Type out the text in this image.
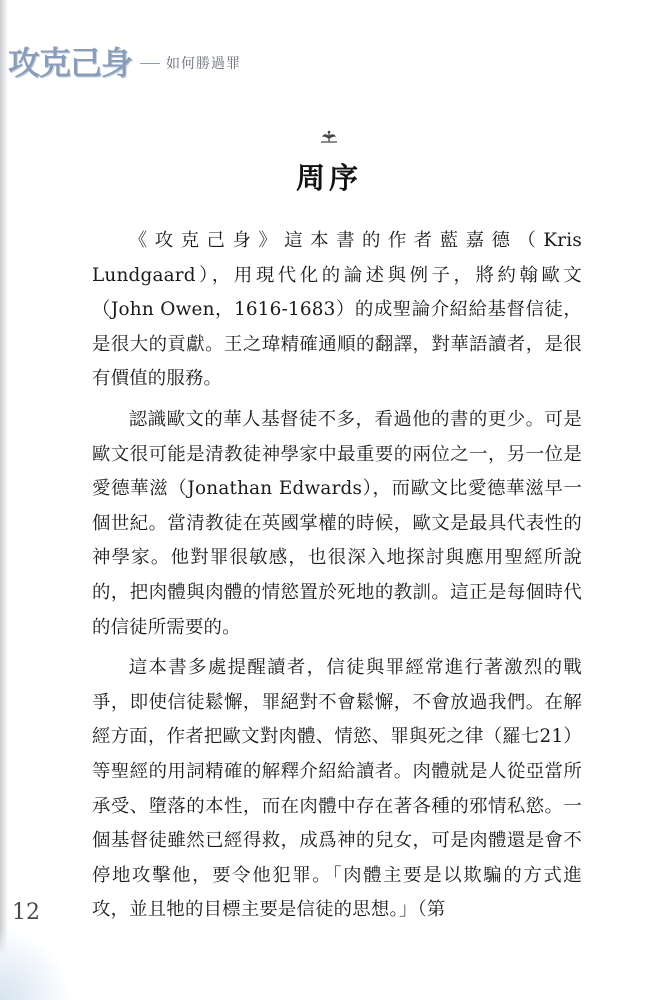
攻克己身 如何勝過罪
周序

《攻克己身》這本書的作者藍嘉德（Kris Lundgaard），用現代化的論述與例子，將約翰歐文（John Owen，1616-1683）的成聖論介紹給基督信徒，是很大的貢獻。王之瑋精確通順的翻譯，對華語讀者，是很有價值的服務。

認識歐文的華人基督徒不多，看過他的書的更少。可是歐文很可能是清教徒神學家中最重要的兩位之一，另一位是愛德華滋（Jonathan Edwards），而歐文比愛德華滋早一個世紀。當清教徒在英國掌權的時候，歐文是最具代表性的神學家。他對罪很敏感，也很深入地探討與應用聖經所說的，把肉體與肉體的情慾置於死地的教訓。這正是每個時代的信徒所需要的。

這本書多處提醒讀者，信徒與罪經常進行著激烈的戰爭，即使信徒鬆懈，罪絕對不會鬆懈，不會放過我們。在解經方面，作者把歐文對肉體、情慾、罪與死之律（羅七21）等聖經的用詞精確的解釋介紹給讀者。肉體就是人從亞當所承受、墮落的本性，而在肉體中存在著各種的邪情私慾。一個基督徒雖然已經得救，成爲神的兒女，可是肉體還是會不停地攻擊他，要令他犯罪。「肉體主要是以欺騙的方式進攻，並且牠的目標主要是信徒的思想。」（第

12
